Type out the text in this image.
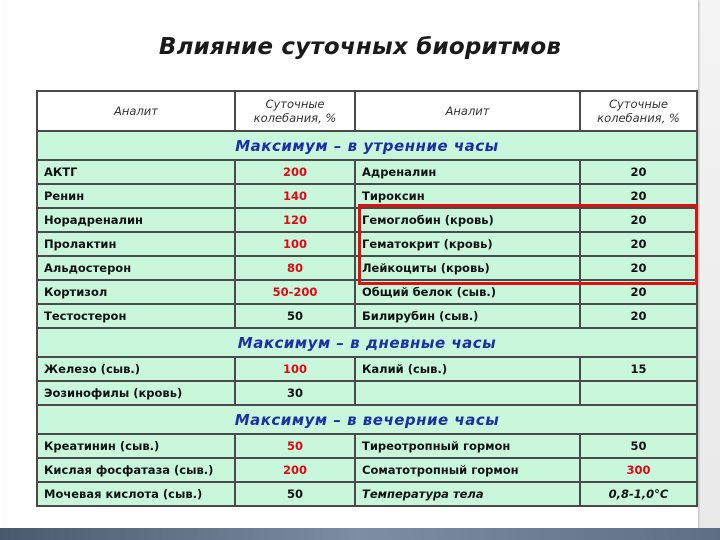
Влияние суточных биоритмов
Аналит	Суточные колебания, %	Аналит	Суточные колебания, %
Максимум – в утренние часы			
АКТГ	200	Адреналин	20
Ренин	140	Тироксин	20
Норадреналин	120	Гемоглобин (кровь)	20
Пролактин	100	Гематокрит (кровь)	20
Альдостерон	80	Лейкоциты (кровь)	20
Кортизол	50-200	Общий белок (сыв.)	20
Тестостерон	50	Билирубин (сыв.)	20
Максимум – в дневные часы			
Железо (сыв.)	100	Калий (сыв.)	15
Эозинофилы (кровь)	30		
Максимум – в вечерние часы			
Креатинин (сыв.)	50	Тиреотропный гормон	50
Кислая фосфатаза (сыв.)	200	Соматотропный гормон	300
Мочевая кислота (сыв.)	50	Температура тела	0,8-1,0°С
